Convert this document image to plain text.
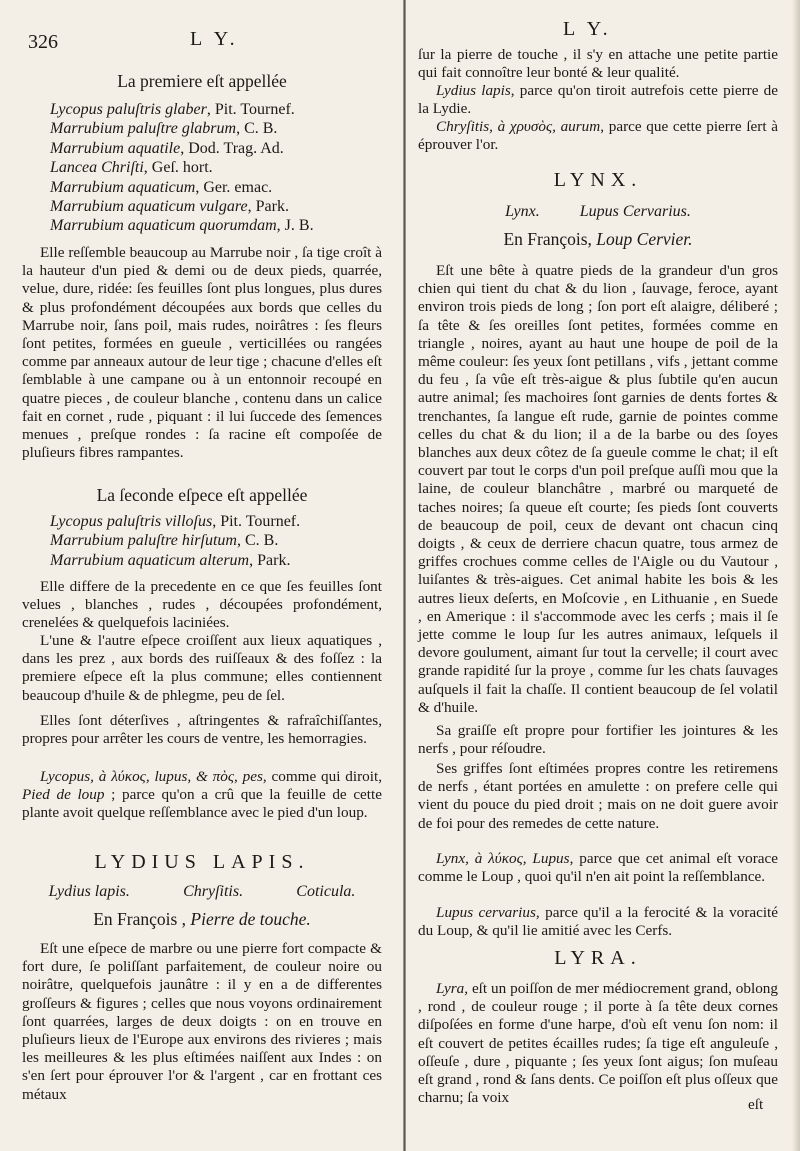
326	L Y.	L Y.
La premiere eſt appellée
Lycopus paluſtris glaber, Pit. Tournef.
Marrubium paluſtre glabrum, C. B.
Marrubium aquatile, Dod. Trag. Ad.
Lancea Chriſti, Geſ. hort.
Marrubium aquaticum, Ger. emac.
Marrubium aquaticum vulgare, Park.
Marrubium aquaticum quorumdam, J. B.

Elle reſſemble beaucoup au Marrube noir , ſa tige croît à la hauteur d'un pied & demi ou de deux pieds, quarrée, velue, dure, ridée: ſes feuilles ſont plus longues, plus dures & plus profondément découpées aux bords que celles du Marrube noir, ſans poil, mais rudes, noirâtres : ſes fleurs ſont petites, formées en gueule , verticillées ou rangées comme par anneaux autour de leur tige ; chacune d'elles eſt ſemblable à une campane ou à un entonnoir recoupé en quatre pieces , de couleur blanche , contenu dans un calice fait en cornet , rude , piquant : il lui ſuccede des ſemences menues , preſque rondes : ſa racine eſt compoſée de pluſieurs fibres rampantes.

La ſeconde eſpece eſt appellée
Lycopus paluſtris villoſus, Pit. Tournef.
Marrubium paluſtre hirſutum, C. B.
Marrubium aquaticum alterum, Park.

Elle differe de la precedente en ce que ſes feuilles ſont velues , blanches , rudes , découpées profondément, crenelées & quelquefois laciniées.

L'une & l'autre eſpece croiſſent aux lieux aquatiques , dans les prez , aux bords des ruiſſeaux & des foſſez : la premiere eſpece eſt la plus commune; elles contiennent beaucoup d'huile & de phlegme, peu de ſel.

Elles ſont déterſives , aſtringentes & rafraîchiſſantes, propres pour arrêter les cours de ventre, les hemorragies.

Lycopus, à λύκος, lupus, & πὸς, pes, comme qui diroit, Pied de loup ; parce qu'on a crû que la feuille de cette plante avoit quelque reſſemblance avec le pied d'un loup.

LYDIUS LAPIS.
Lydius lapis.	Chryſitis.	Coticula.
En François , Pierre de touche.

Eſt une eſpece de marbre ou une pierre fort compacte & fort dure, ſe poliſſant parfaitement, de couleur noire ou noirâtre, quelquefois jaunâtre : il y en a de differentes groſſeurs & figures ; celles que nous voyons ordinairement ſont quarrées, larges de deux doigts : on en trouve en pluſieurs lieux de l'Europe aux environs des rivieres ; mais les meilleures & les plus eſtimées naiſſent aux Indes : on s'en ſert pour éprouver l'or & l'argent , car en frottant ces métaux

ſur la pierre de touche , il s'y en attache une petite partie qui fait connoître leur bonté & leur qualité.

Lydius lapis, parce qu'on tiroit autrefois cette pierre de la Lydie.

Chryſitis, à χρυσὸς, aurum, parce que cette pierre ſert à éprouver l'or.

LYNX.
Lynx.	Lupus Cervarius.
En François, Loup Cervier.

Eſt une bête à quatre pieds de la grandeur d'un gros chien qui tient du chat & du lion , ſauvage, feroce, ayant environ trois pieds de long ; ſon port eſt alaigre, déliberé ; ſa tête & ſes oreilles ſont petites, formées comme en triangle , noires, ayant au haut une houpe de poil de la même couleur: ſes yeux ſont petillans , vifs , jettant comme du feu , ſa vûe eſt très-aigue & plus ſubtile qu'en aucun autre animal; ſes machoires ſont garnies de dents fortes & trenchantes, ſa langue eſt rude, garnie de pointes comme celles du chat & du lion; il a de la barbe ou des ſoyes blanches aux deux côtez de ſa gueule comme le chat; il eſt couvert par tout le corps d'un poil preſque auſſi mou que la laine, de couleur blanchâtre , marbré ou marqueté de taches noires; ſa queue eſt courte; ſes pieds ſont couverts de beaucoup de poil, ceux de devant ont chacun cinq doigts , & ceux de derriere chacun quatre, tous armez de griffes crochues comme celles de l'Aigle ou du Vautour , luiſantes & très-aigues. Cet animal habite les bois & les autres lieux deſerts, en Moſcovie , en Lithuanie , en Suede , en Amerique : il s'accommode avec les cerfs ; mais il ſe jette comme le loup ſur les autres animaux, leſquels il devore goulument, aimant ſur tout la cervelle; il court avec grande rapidité ſur la proye , comme ſur les chats ſauvages auſquels il fait la chaſſe. Il contient beaucoup de ſel volatil & d'huile.

Sa graiſſe eſt propre pour fortifier les jointures & les nerfs , pour réſoudre.

Ses griffes ſont eſtimées propres contre les retiremens de nerfs , étant portées en amulette : on prefere celle qui vient du pouce du pied droit ; mais on ne doit guere avoir de foi pour des remedes de cette nature.

Lynx, à λύκος, Lupus, parce que cet animal eſt vorace comme le Loup , quoi qu'il n'en ait point la reſſemblance.

Lupus cervarius, parce qu'il a la ferocité & la voracité du Loup, & qu'il lie amitié avec les Cerfs.

LYRA.

Lyra, eſt un poiſſon de mer médiocrement grand, oblong , rond , de couleur rouge ; il porte à ſa tête deux cornes diſpoſées en forme d'une harpe, d'où eſt venu ſon nom: il eſt couvert de petites écailles rudes; ſa tige eſt anguleuſe , oſſeuſe , dure , piquante ; ſes yeux ſont aigus; ſon muſeau eſt grand , rond & ſans dents. Ce poiſſon eſt plus oſſeux que charnu; ſa voix	eſt
